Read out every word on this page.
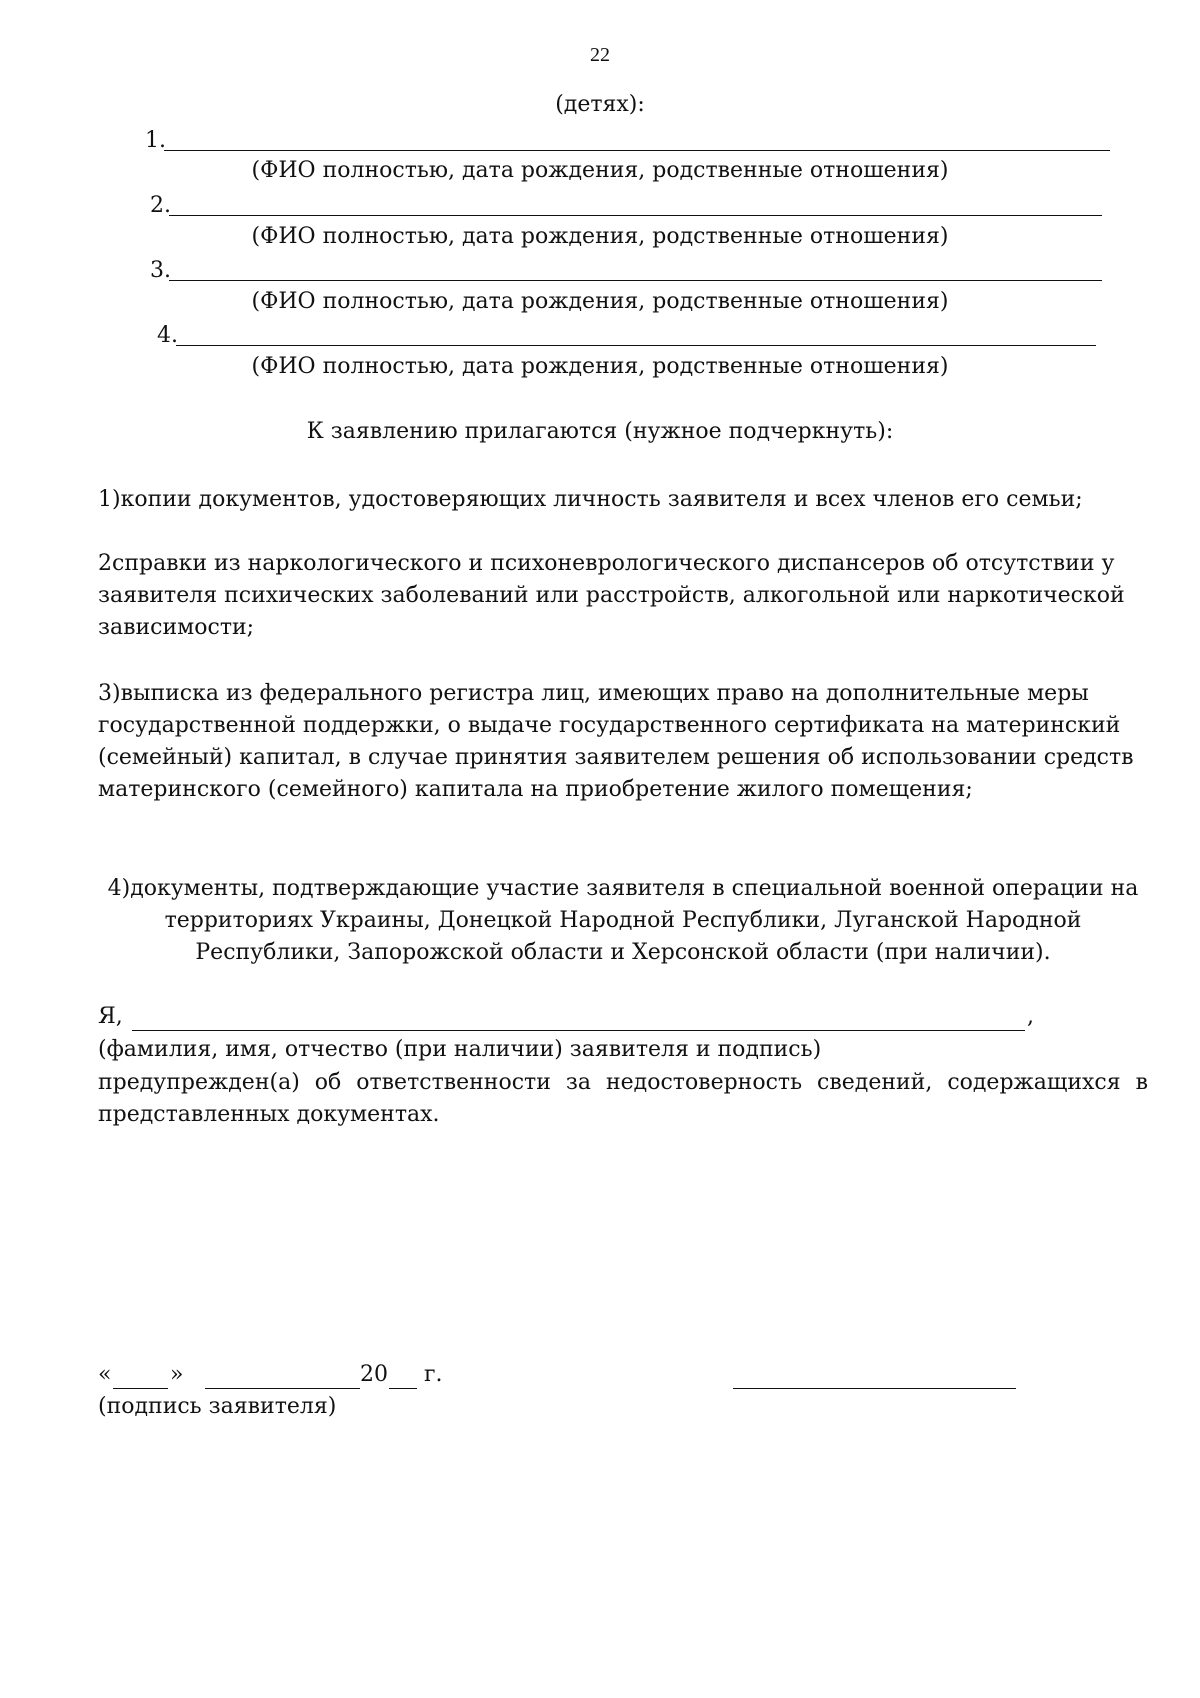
22
(детях):
1.
(ФИО полностью, дата рождения, родственные отношения)
2.
(ФИО полностью, дата рождения, родственные отношения)
3.
(ФИО полностью, дата рождения, родственные отношения)
4.
(ФИО полностью, дата рождения, родственные отношения)
К заявлению прилагаются (нужное подчеркнуть):
1)копии документов, удостоверяющих личность заявителя и всех членов его семьи;
2справки из наркологического и психоневрологического диспансеров об отсутствии у заявителя психических заболеваний или расстройств, алкогольной или наркотической зависимости;
3)выписка из федерального регистра лиц, имеющих право на дополнительные меры государственной поддержки, о выдаче государственного сертификата на материнский (семейный) капитал, в случае принятия заявителем решения об использовании средств материнского (семейного) капитала на приобретение жилого помещения;
4)документы, подтверждающие участие заявителя в специальной военной операции на территориях Украины, Донецкой Народной Республики, Луганской Народной Республики, Запорожской области и Херсонской области (при наличии).
Я,	,
(фамилия, имя, отчество (при наличии) заявителя и подпись)
предупрежден(а) об ответственности за недостоверность сведений, содержащихся в представленных документах.
«	»	20 г.
(подпись заявителя)
